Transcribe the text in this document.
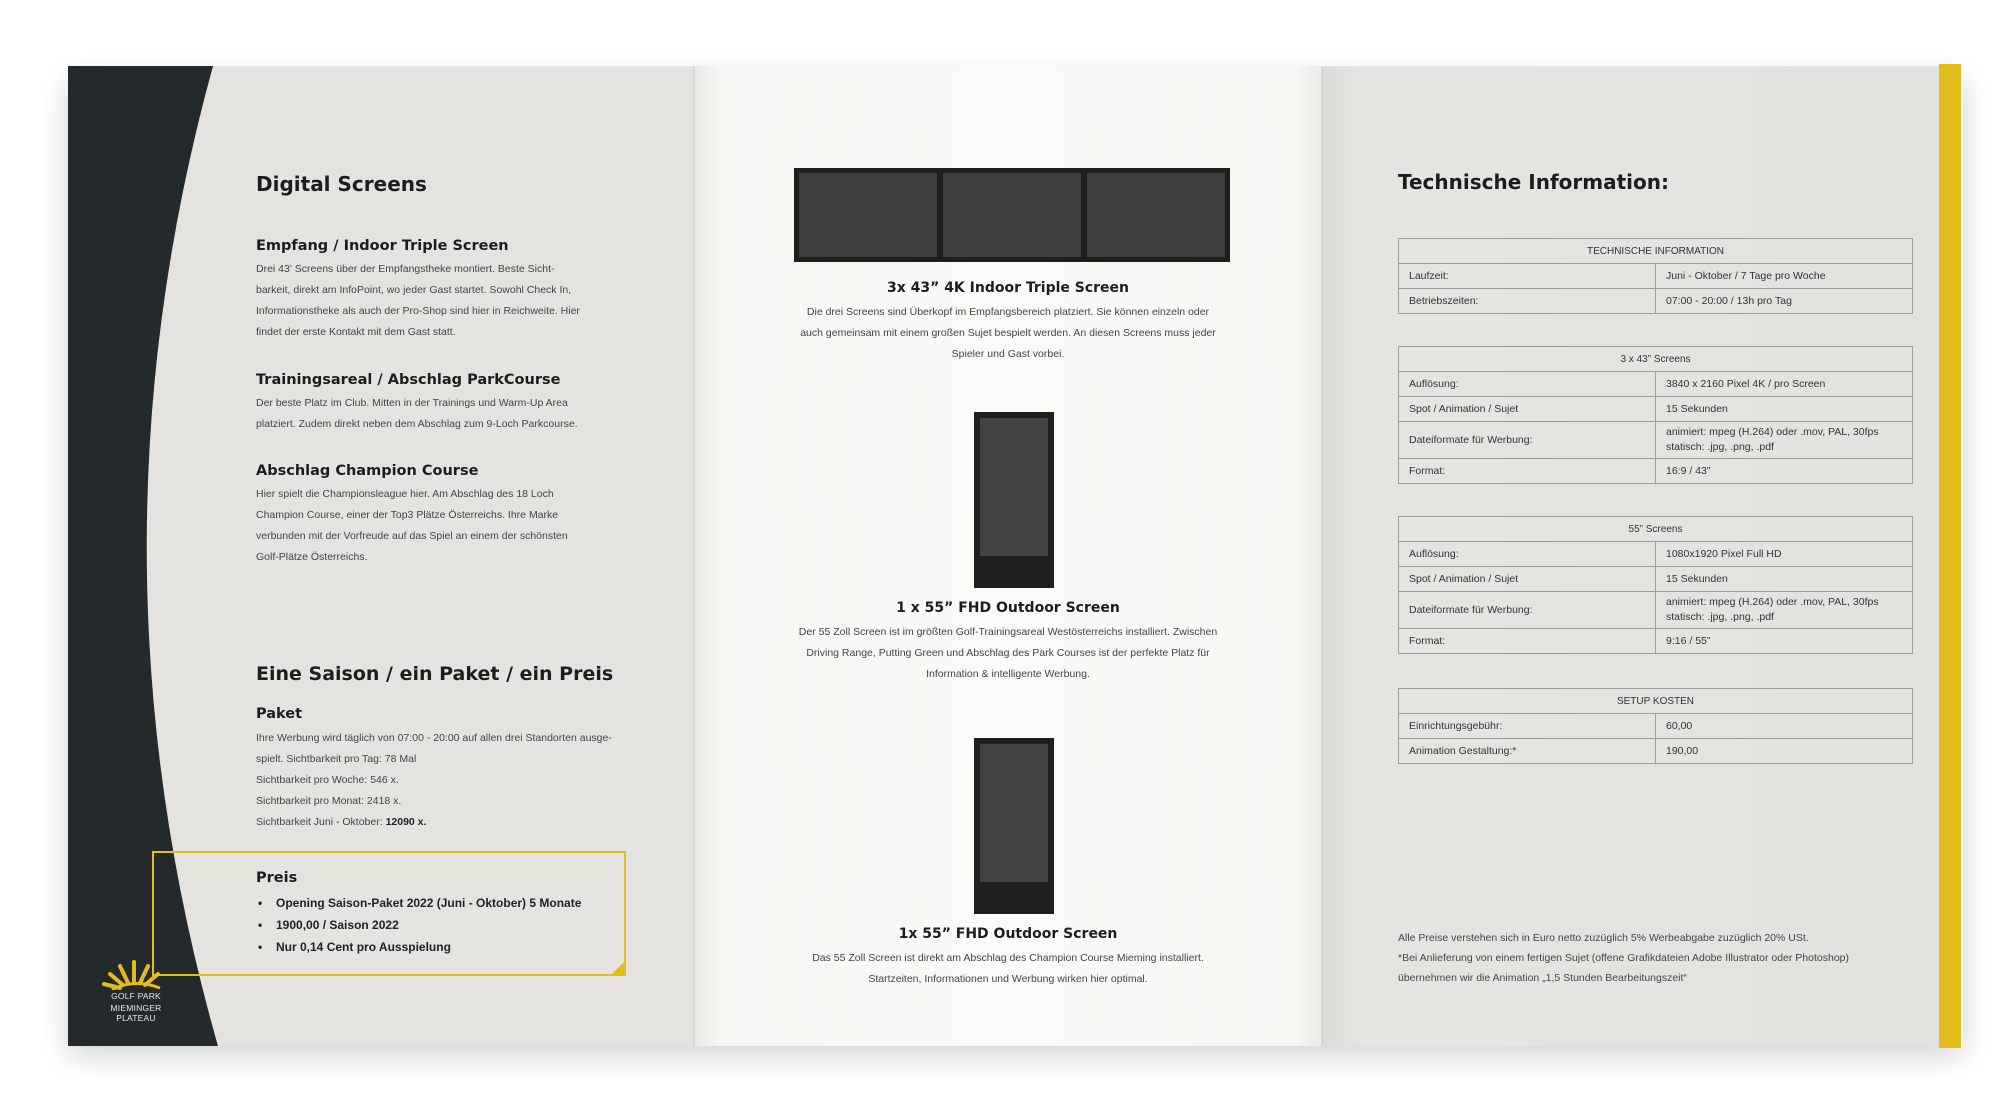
Digital Screens
Empfang / Indoor Triple Screen

Drei 43' Screens über der Empfangstheke montiert. Beste Sicht-

barkeit, direkt am InfoPoint, wo jeder Gast startet. Sowohl Check In,

Informationstheke als auch der Pro-Shop sind hier in Reichweite. Hier

findet der erste Kontakt mit dem Gast statt.

Trainingsareal / Abschlag ParkCourse

Der beste Platz im Club. Mitten in der Trainings und Warm-Up Area

platziert. Zudem direkt neben dem Abschlag zum 9-Loch Parkcourse.

Abschlag Champion Course

Hier spielt die Championsleague hier. Am Abschlag des 18 Loch

Champion Course, einer der Top3 Plätze Österreichs. Ihre Marke

verbunden mit der Vorfreude auf das Spiel an einem der schönsten

Golf-Plätze Österreichs.

Eine Saison / ein Paket / ein Preis
Paket

Ihre Werbung wird täglich von 07:00 - 20:00 auf allen drei Standorten ausge-

spielt. Sichtbarkeit pro Tag: 78 Mal

Sichtbarkeit pro Woche: 546 x.

Sichtbarkeit pro Monat: 2418 x.

Sichtbarkeit Juni - Oktober: 12090 x.

Preis
• Opening Saison-Paket 2022 (Juni - Oktober) 5 Monate
• 1900,00 / Saison 2022
• Nur 0,14 Cent pro Ausspielung
GOLF PARK
MIEMINGER PLATEAU
3x 43” 4K Indoor Triple Screen

Die drei Screens sind Überkopf im Empfangsbereich platziert. Sie können einzeln oder

auch gemeinsam mit einem großen Sujet bespielt werden. An diesen Screens muss jeder

Spieler und Gast vorbei.

1 x 55” FHD Outdoor Screen

Der 55 Zoll Screen ist im größten Golf-Trainingsareal Westösterreichs installiert. Zwischen

Driving Range, Putting Green und Abschlag des Park Courses ist der perfekte Platz für

Information & intelligente Werbung.

1x 55” FHD Outdoor Screen

Das 55 Zoll Screen ist direkt am Abschlag des Champion Course Mieming installiert.

Startzeiten, Informationen und Werbung wirken hier optimal.

Technische Information:
TECHNISCHE INFORMATION	
Laufzeit:	Juni - Oktober / 7 Tage pro Woche
Betriebszeiten:	07:00 - 20:00 / 13h pro Tag
3 x 43” Screens	
Auflösung:	3840 x 2160 Pixel 4K / pro Screen
Spot / Animation / Sujet	15 Sekunden
Dateiformate für Werbung:	animiert: mpeg (H.264) oder .mov, PAL, 30fps
statisch: .jpg, .png, .pdf

Format:	16:9 / 43”
55” Screens	
Auflösung:	1080x1920 Pixel Full HD
Spot / Animation / Sujet	15 Sekunden
Dateiformate für Werbung:	animiert: mpeg (H.264) oder .mov, PAL, 30fps
statisch: .jpg, .png, .pdf

Format:	9:16 / 55”
SETUP KOSTEN	
Einrichtungsgebühr:	60,00
Animation Gestaltung:*	190,00

Alle Preise verstehen sich in Euro netto zuzüglich 5% Werbeabgabe zuzüglich 20% USt.

*Bei Anlieferung von einem fertigen Sujet (offene Grafikdateien Adobe Illustrator oder Photoshop)

übernehmen wir die Animation „1,5 Stunden Bearbeitungszeit“
